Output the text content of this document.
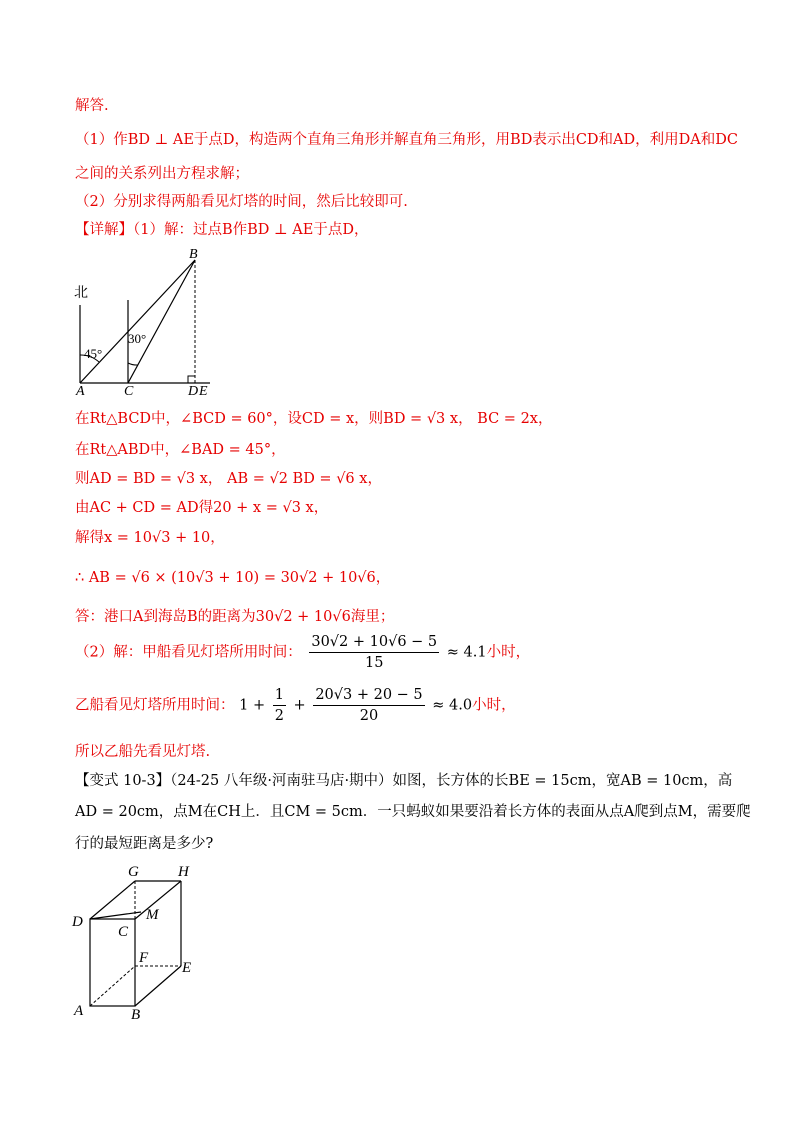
解答.
（1）作BD ⊥ AE于点D，构造两个直角三角形并解直角三角形，用BD表示出CD和AD，利用DA和DC
之间的关系列出方程求解；
（2）分别求得两船看见灯塔的时间，然后比较即可.
【详解】（1）解：过点B作BD ⊥ AE于点D，
北
45°
30°
A	C	D E
B
在Rt△BCD中，∠BCD = 60°，设CD = x，则BD = √3 x， BC = 2x，
在Rt△ABD中，∠BAD = 45°，
则AD = BD = √3 x， AB = √2 BD = √6 x，
由AC + CD = AD得20 + x = √3 x，
解得x = 10√3 + 10，
∴ AB = √6 × (10√3 + 10) = 30√2 + 10√6，
答：港口A到海岛B的距离为30√2 + 10√6海里；
（2）解：甲船看见灯塔所用时间： $\frac{30√2 + 10√6 - 5}{15} \approx 4.1$小时，
乙船看见灯塔所用时间： $1 + \frac{1}{2} + \frac{20√3 + 20 - 5}{20} \approx 4.0$小时，
所以乙船先看见灯塔.
【变式 10-3】（24-25 八年级·河南驻马店·期中）如图，长方体的长BE = 15cm，宽AB = 10cm，高
AD = 20cm，点M在CH上．且CM = 5cm．一只蚂蚁如果要沿着长方体的表面从点A爬到点M，需要爬
行的最短距离是多少?
G	H
D	M
C
F
E
A	B
